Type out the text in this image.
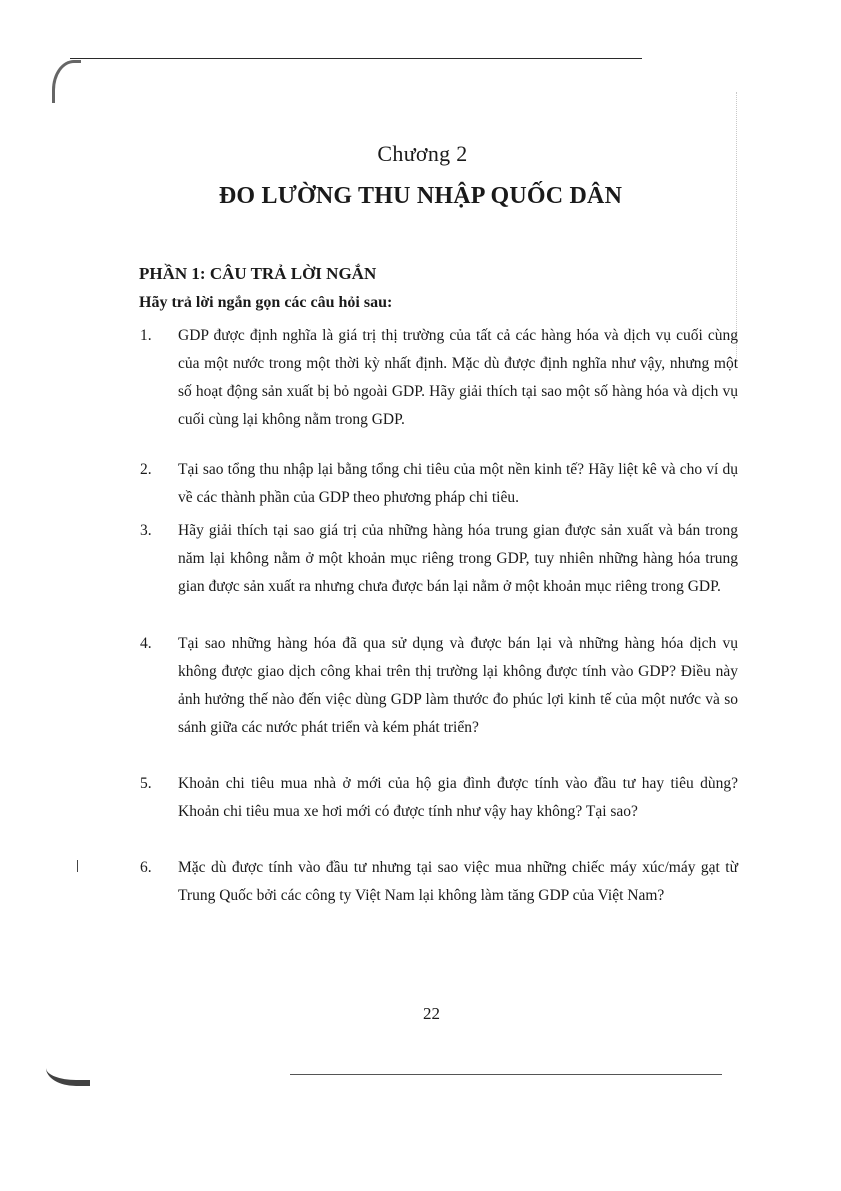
Chương 2
ĐO LƯỜNG THU NHẬP QUỐC DÂN
PHẦN 1: CÂU TRẢ LỜI NGẮN
Hãy trả lời ngắn gọn các câu hỏi sau:
1.	GDP được định nghĩa là giá trị thị trường của tất cả các hàng hóa và dịch vụ cuối cùng của một nước trong một thời kỳ nhất định. Mặc dù được định nghĩa như vậy, nhưng một số hoạt động sản xuất bị bỏ ngoài GDP. Hãy giải thích tại sao một số hàng hóa và dịch vụ cuối cùng lại không nằm trong GDP.
2.	Tại sao tổng thu nhập lại bằng tổng chi tiêu của một nền kinh tế? Hãy liệt kê và cho ví dụ về các thành phần của GDP theo phương pháp chi tiêu.
3.	Hãy giải thích tại sao giá trị của những hàng hóa trung gian được sản xuất và bán trong năm lại không nằm ở một khoản mục riêng trong GDP, tuy nhiên những hàng hóa trung gian được sản xuất ra nhưng chưa được bán lại nằm ở một khoản mục riêng trong GDP.
4.	Tại sao những hàng hóa đã qua sử dụng và được bán lại và những hàng hóa dịch vụ không được giao dịch công khai trên thị trường lại không được tính vào GDP? Điều này ảnh hưởng thế nào đến việc dùng GDP làm thước đo phúc lợi kinh tế của một nước và so sánh giữa các nước phát triển và kém phát triển?
5.	Khoản chi tiêu mua nhà ở mới của hộ gia đình được tính vào đầu tư hay tiêu dùng? Khoản chi tiêu mua xe hơi mới có được tính như vậy hay không? Tại sao?
6.	Mặc dù được tính vào đầu tư nhưng tại sao việc mua những chiếc máy xúc/máy gạt từ Trung Quốc bởi các công ty Việt Nam lại không làm tăng GDP của Việt Nam?
22
